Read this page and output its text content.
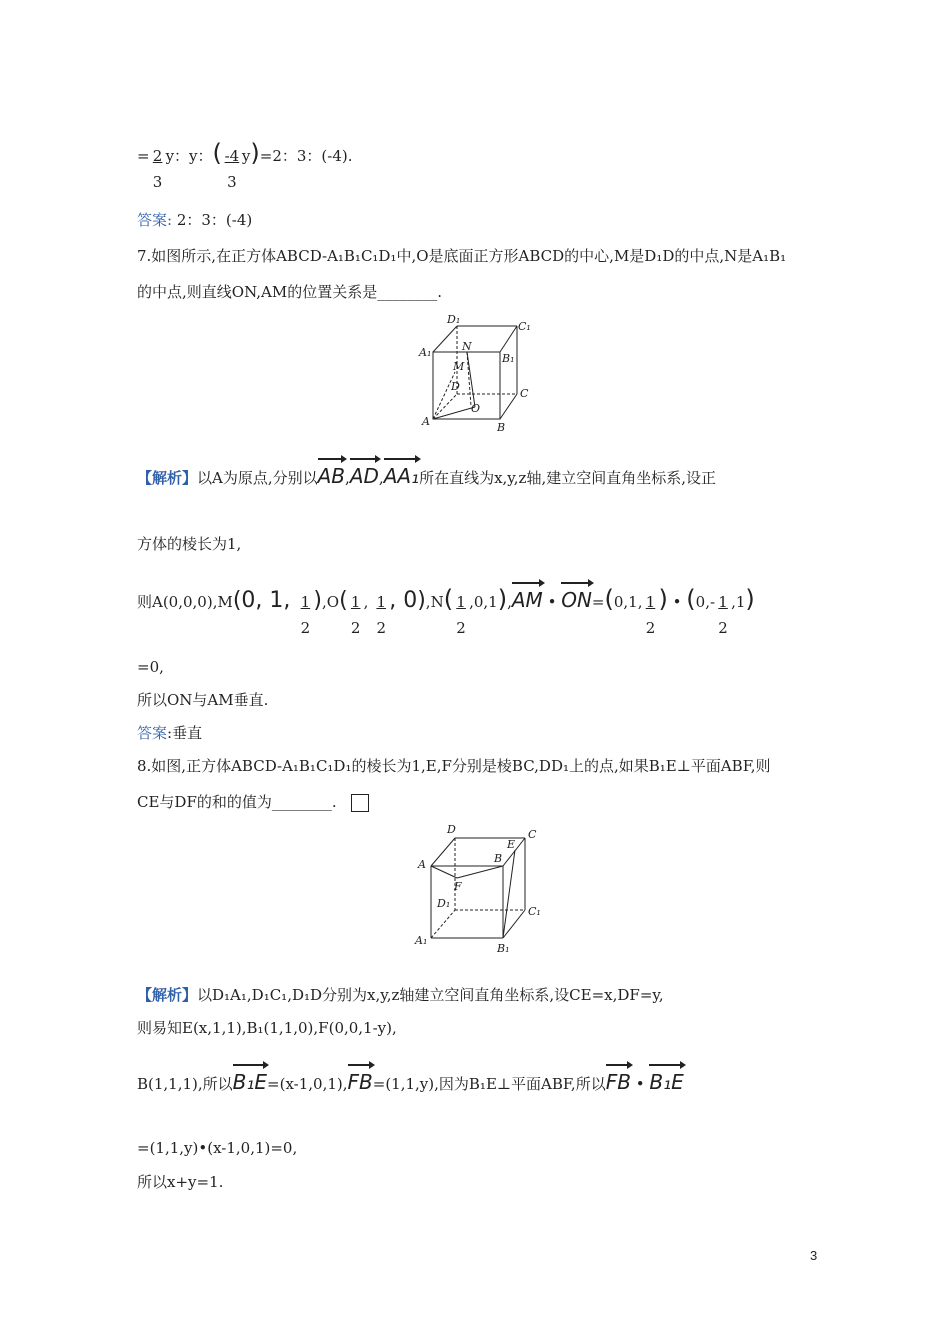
= $\frac{2}{3}$ y：y：( $\frac{-4}{3} y)=2$：3：(-4).
答案: 2：3：(-4)
7.如图所示,在正方体ABCD-A₁B₁C₁D₁中,O是底面正方形ABCD的中心,M是D₁D的中点,N是A₁B₁
的中点,则直线ON,AM的位置关系是________.
D₁
C₁
A₁	B₁
N
M
D
C
O
A	B
【解析】以A为原点,分别以
AB,
AD,
AA₁所在直线为x,y,z轴,建立空间直角坐标系,设正
方体的棱长为1,
则A(0,0,0),M(0, 1, $\frac{1}{2} ),O( \frac{1}{2}$ , $\frac{1}{2}$ , $0),N( \frac{1}{2} ,0,1)$,
AM • ON=(0,1, $\frac{1}{2}$ ) • $(0,- \frac{1}{2} ,1)$
=0,
所以ON与AM垂直.
答案:垂直
8.如图,正方体ABCD-A₁B₁C₁D₁的棱长为1,E,F分别是棱BC,DD₁上的点,如果B₁E⊥平面ABF,则
CE与DF的和的值为________.
D	C
E
A	B
F
D₁
C₁
A₁
B₁
【解析】以D₁A₁,D₁C₁,D₁D分别为x,y,z轴建立空间直角坐标系,设CE=x,DF=y,
则易知E(x,1,1),B₁(1,1,0),F(0,0,1-y),
B(1,1,1),所以
B₁E=(x-1,0,1),
FB=(1,1,y),因为B₁E⊥平面ABF,所以
FB • B₁E
=(1,1,y)•(x-1,0,1)=0,
所以x+y=1.
3
